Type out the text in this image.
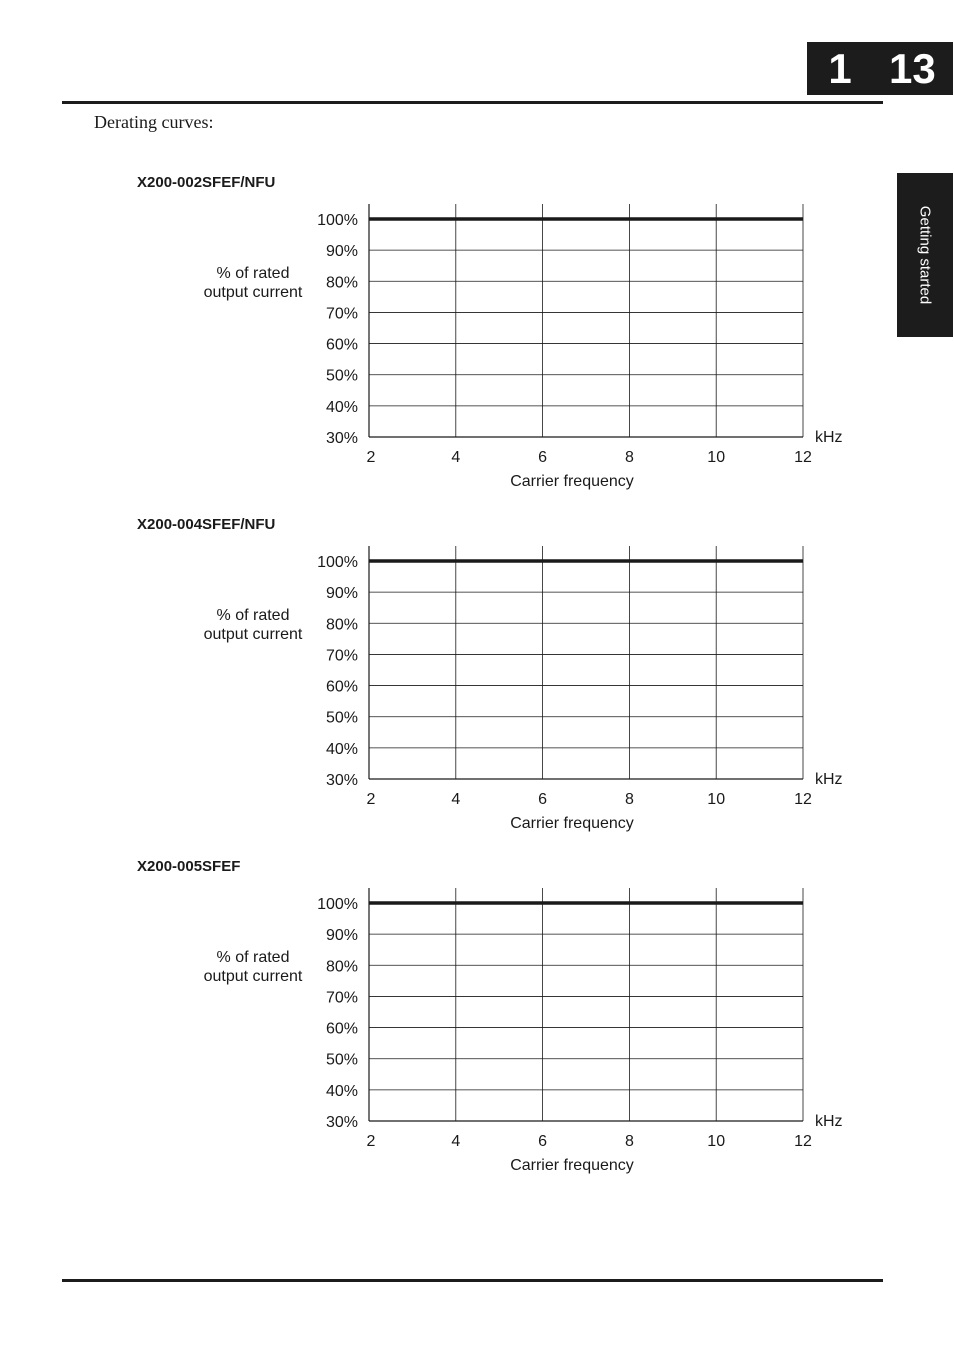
1 13
Getting started
Derating curves:
X200-002SFEF/NFU
% of rated
output current
30%
40%
50%
60%
70%
80%
90%
100%
2	4	6	8	10	12
kHz
Carrier frequency
X200-004SFEF/NFU
% of rated
output current
30%
40%
50%
60%
70%
80%
90%
100%
2	4	6	8	10	12
kHz
Carrier frequency
X200-005SFEF
% of rated
output current
30%
40%
50%
60%
70%
80%
90%
100%
2	4	6	8	10	12
kHz
Carrier frequency
